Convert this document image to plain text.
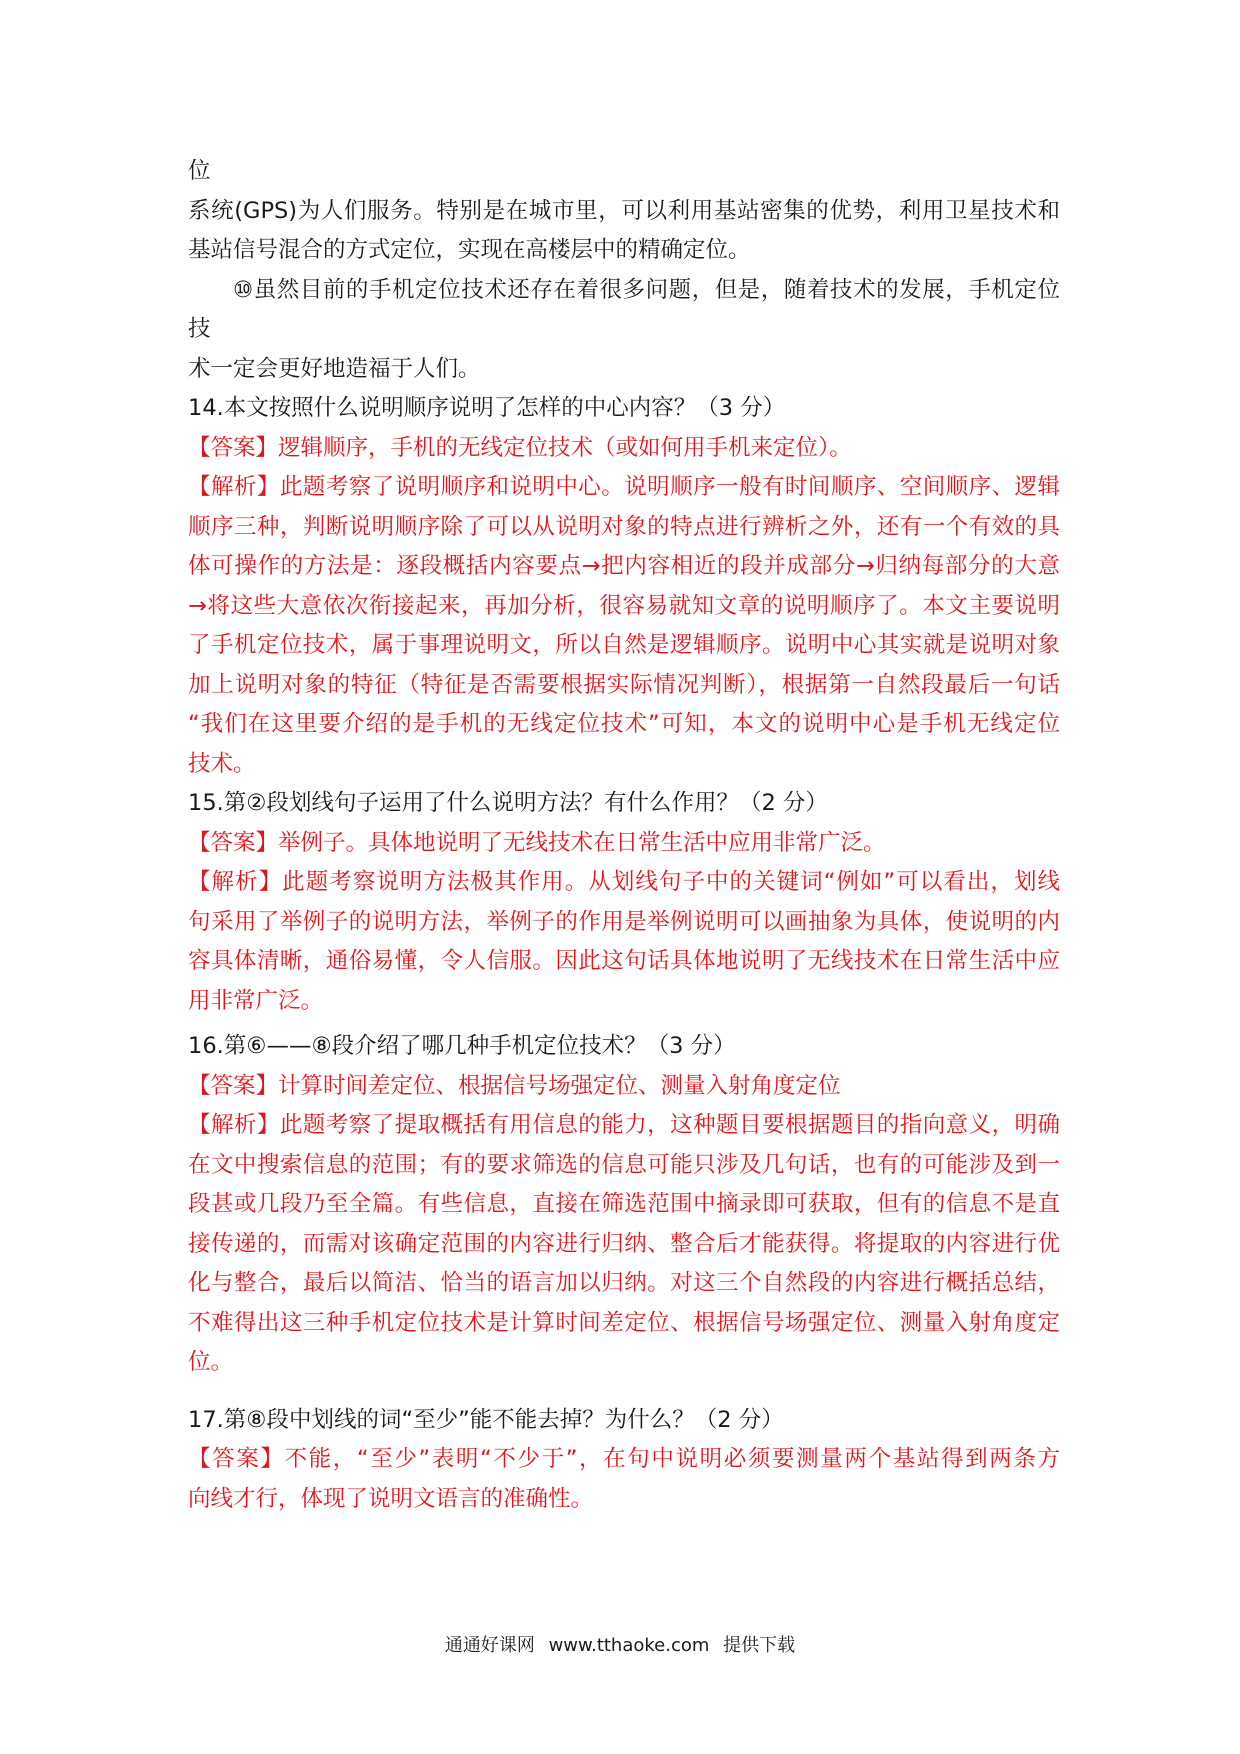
位
系统(GPS)为人们服务。特别是在城市里，可以利用基站密集的优势，利用卫星技术和
基站信号混合的方式定位，实现在高楼层中的精确定位。
⑩虽然目前的手机定位技术还存在着很多问题，但是，随着技术的发展，手机定位
技
术一定会更好地造福于人们。
14.本文按照什么说明顺序说明了怎样的中心内容？（3 分）
【答案】逻辑顺序，手机的无线定位技术（或如何用手机来定位）。
【解析】此题考察了说明顺序和说明中心。说明顺序一般有时间顺序、空间顺序、逻辑
顺序三种，判断说明顺序除了可以从说明对象的特点进行辨析之外，还有一个有效的具
体可操作的方法是：逐段概括内容要点→把内容相近的段并成部分→归纳每部分的大意
→将这些大意依次衔接起来，再加分析，很容易就知文章的说明顺序了。本文主要说明
了手机定位技术，属于事理说明文，所以自然是逻辑顺序。说明中心其实就是说明对象
加上说明对象的特征（特征是否需要根据实际情况判断），根据第一自然段最后一句话
“我们在这里要介绍的是手机的无线定位技术”可知，本文的说明中心是手机无线定位
技术。
15.第②段划线句子运用了什么说明方法？有什么作用？（2 分）
【答案】举例子。具体地说明了无线技术在日常生活中应用非常广泛。
【解析】此题考察说明方法极其作用。从划线句子中的关键词“例如”可以看出，划线
句采用了举例子的说明方法，举例子的作用是举例说明可以画抽象为具体，使说明的内
容具体清晰，通俗易懂，令人信服。因此这句话具体地说明了无线技术在日常生活中应
用非常广泛。
16.第⑥——⑧段介绍了哪几种手机定位技术？（3 分）
【答案】计算时间差定位、根据信号场强定位、测量入射角度定位
【解析】此题考察了提取概括有用信息的能力，这种题目要根据题目的指向意义，明确
在文中搜索信息的范围；有的要求筛选的信息可能只涉及几句话，也有的可能涉及到一
段甚或几段乃至全篇。有些信息，直接在筛选范围中摘录即可获取，但有的信息不是直
接传递的，而需对该确定范围的内容进行归纳、整合后才能获得。将提取的内容进行优
化与整合，最后以简洁、恰当的语言加以归纳。对这三个自然段的内容进行概括总结，
不难得出这三种手机定位技术是计算时间差定位、根据信号场强定位、测量入射角度定
位。
17.第⑧段中划线的词“至少”能不能去掉？为什么？（2 分）
【答案】不能，“至少”表明“不少于”，在句中说明必须要测量两个基站得到两条方
向线才行，体现了说明文语言的准确性。
通通好课网 www.tthaoke.com 提供下载
